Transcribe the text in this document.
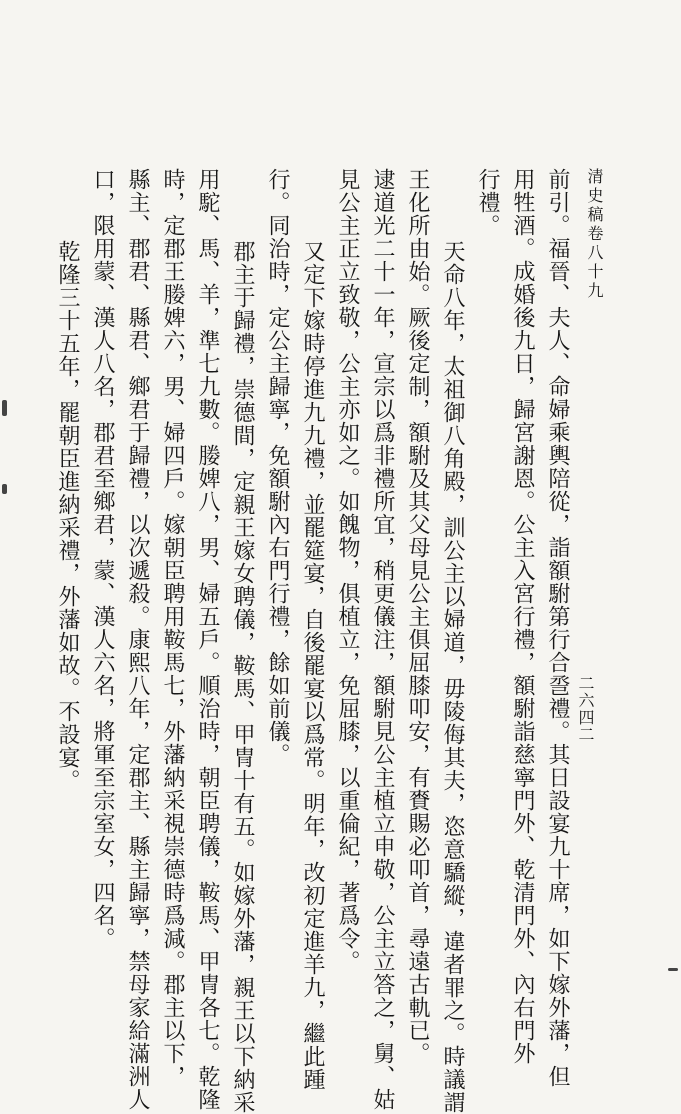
清史稿卷八十九
二六四二
前引。福晉、夫人、命婦乘輿陪從，詣額駙第行合巹禮。其日設宴九十席，如下嫁外藩，但
用牲酒。成婚後九日，歸宮謝恩。公主入宮行禮，額駙詣慈寧門外、乾清門外、內右門外
行禮。
天命八年，太祖御八角殿，訓公主以婦道，毋陵侮其夫，恣意驕縱，違者罪之。時議謂
王化所由始。厥後定制，額駙及其父母見公主俱屈膝叩安，有賚賜必叩首，尋遠古軌已。
逮道光二十一年，宣宗以爲非禮所宜，稍更儀注，額駙見公主植立申敬，公主立答之，舅、姑
見公主正立致敬，公主亦如之。如餽物，俱植立，免屈膝，以重倫紀，著爲令。
又定下嫁時停進九九禮，並罷筵宴，自後罷宴以爲常。明年，改初定進羊九，繼此踵
行。同治時，定公主歸寧，免額駙內右門行禮，餘如前儀。
郡主于歸禮，崇德間，定親王嫁女聘儀，鞍馬、甲冑十有五。如嫁外藩，親王以下納采
用駝、馬、羊，準七九數。媵婢八，男、婦五戶。順治時，朝臣聘儀，鞍馬、甲冑各七。乾隆
時，定郡王媵婢六，男、婦四戶。嫁朝臣聘用鞍馬七，外藩納采視崇德時爲減。郡主以下，
縣主、郡君、縣君、鄉君于歸禮，以次遞殺。康熙八年，定郡主、縣主歸寧，禁母家給滿洲人
口，限用蒙、漢人八名，郡君至鄉君，蒙、漢人六名，將軍至宗室女，四名。
乾隆三十五年，罷朝臣進納采禮，外藩如故。不設宴。
